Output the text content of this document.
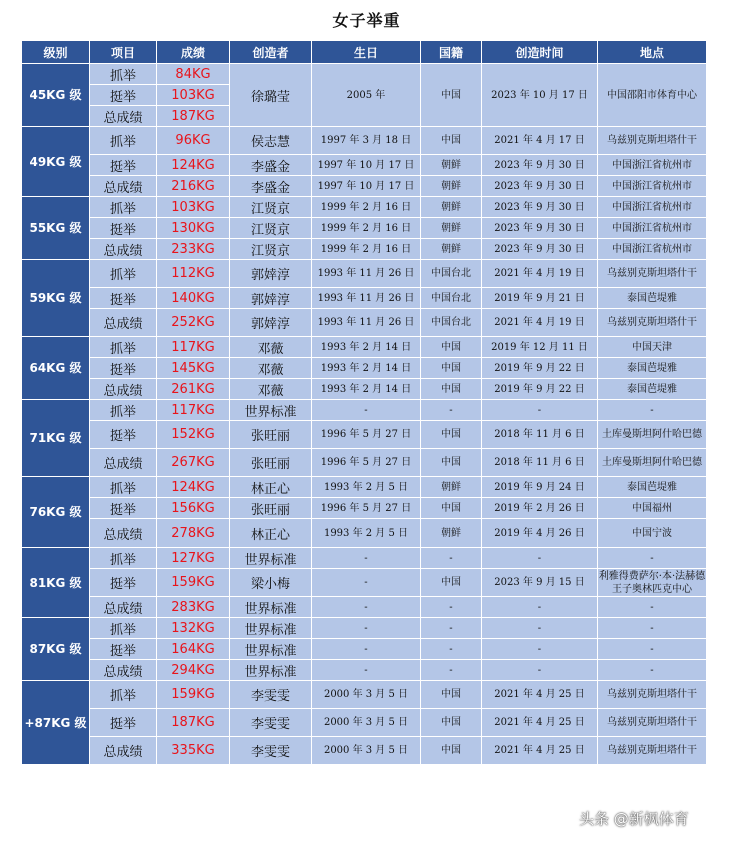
女子举重
级别	项目	成绩	创造者	生日	国籍	创造时间	地点
45KG 级	抓举	84KG	徐璐莹	2005 年	中国	2023 年 10 月 17 日	中国邵阳市体育中心
	挺举	103KG					
	总成绩	187KG					
49KG 级	抓举	96KG	侯志慧	1997 年 3 月 18 日	中国	2021 年 4 月 17 日	乌兹别克斯坦塔什干
	挺举	124KG	李盛金	1997 年 10 月 17 日	朝鲜	2023 年 9 月 30 日	中国浙江省杭州市
	总成绩	216KG	李盛金	1997 年 10 月 17 日	朝鲜	2023 年 9 月 30 日	中国浙江省杭州市
55KG 级	抓举	103KG	江贤京	1999 年 2 月 16 日	朝鲜	2023 年 9 月 30 日	中国浙江省杭州市
	挺举	130KG	江贤京	1999 年 2 月 16 日	朝鲜	2023 年 9 月 30 日	中国浙江省杭州市
	总成绩	233KG	江贤京	1999 年 2 月 16 日	朝鲜	2023 年 9 月 30 日	中国浙江省杭州市
59KG 级	抓举	112KG	郭婞淳	1993 年 11 月 26 日	中国台北	2021 年 4 月 19 日	乌兹别克斯坦塔什干
	挺举	140KG	郭婞淳	1993 年 11 月 26 日	中国台北	2019 年 9 月 21 日	泰国芭堤雅
	总成绩	252KG	郭婞淳	1993 年 11 月 26 日	中国台北	2021 年 4 月 19 日	乌兹别克斯坦塔什干
64KG 级	抓举	117KG	邓薇	1993 年 2 月 14 日	中国	2019 年 12 月 11 日	中国天津
	挺举	145KG	邓薇	1993 年 2 月 14 日	中国	2019 年 9 月 22 日	泰国芭堤雅
	总成绩	261KG	邓薇	1993 年 2 月 14 日	中国	2019 年 9 月 22 日	泰国芭堤雅
71KG 级	抓举	117KG	世界标准	-	-	-	-
	挺举	152KG	张旺丽	1996 年 5 月 27 日	中国	2018 年 11 月 6 日	土库曼斯坦阿什哈巴德
	总成绩	267KG	张旺丽	1996 年 5 月 27 日	中国	2018 年 11 月 6 日	土库曼斯坦阿什哈巴德
76KG 级	抓举	124KG	林正心	1993 年 2 月 5 日	朝鲜	2019 年 9 月 24 日	泰国芭堤雅
	挺举	156KG	张旺丽	1996 年 5 月 27 日	中国	2019 年 2 月 26 日	中国福州
	总成绩	278KG	林正心	1993 年 2 月 5 日	朝鲜	2019 年 4 月 26 日	中国宁波
81KG 级	抓举	127KG	世界标准	-	-	-	-
	挺举	159KG	梁小梅	-	中国	2023 年 9 月 15 日	利雅得费萨尔·本·法赫德王子奥林匹克中心
	总成绩	283KG	世界标准	-	-	-	-
87KG 级	抓举	132KG	世界标准	-	-	-	-
	挺举	164KG	世界标准	-	-	-	-
	总成绩	294KG	世界标准	-	-	-	-
+87KG 级	抓举	159KG	李雯雯	2000 年 3 月 5 日	中国	2021 年 4 月 25 日	乌兹别克斯坦塔什干
	挺举	187KG	李雯雯	2000 年 3 月 5 日	中国	2021 年 4 月 25 日	乌兹别克斯坦塔什干
	总成绩	335KG	李雯雯	2000 年 3 月 5 日	中国	2021 年 4 月 25 日	乌兹别克斯坦塔什干
头条 @新枫体育
